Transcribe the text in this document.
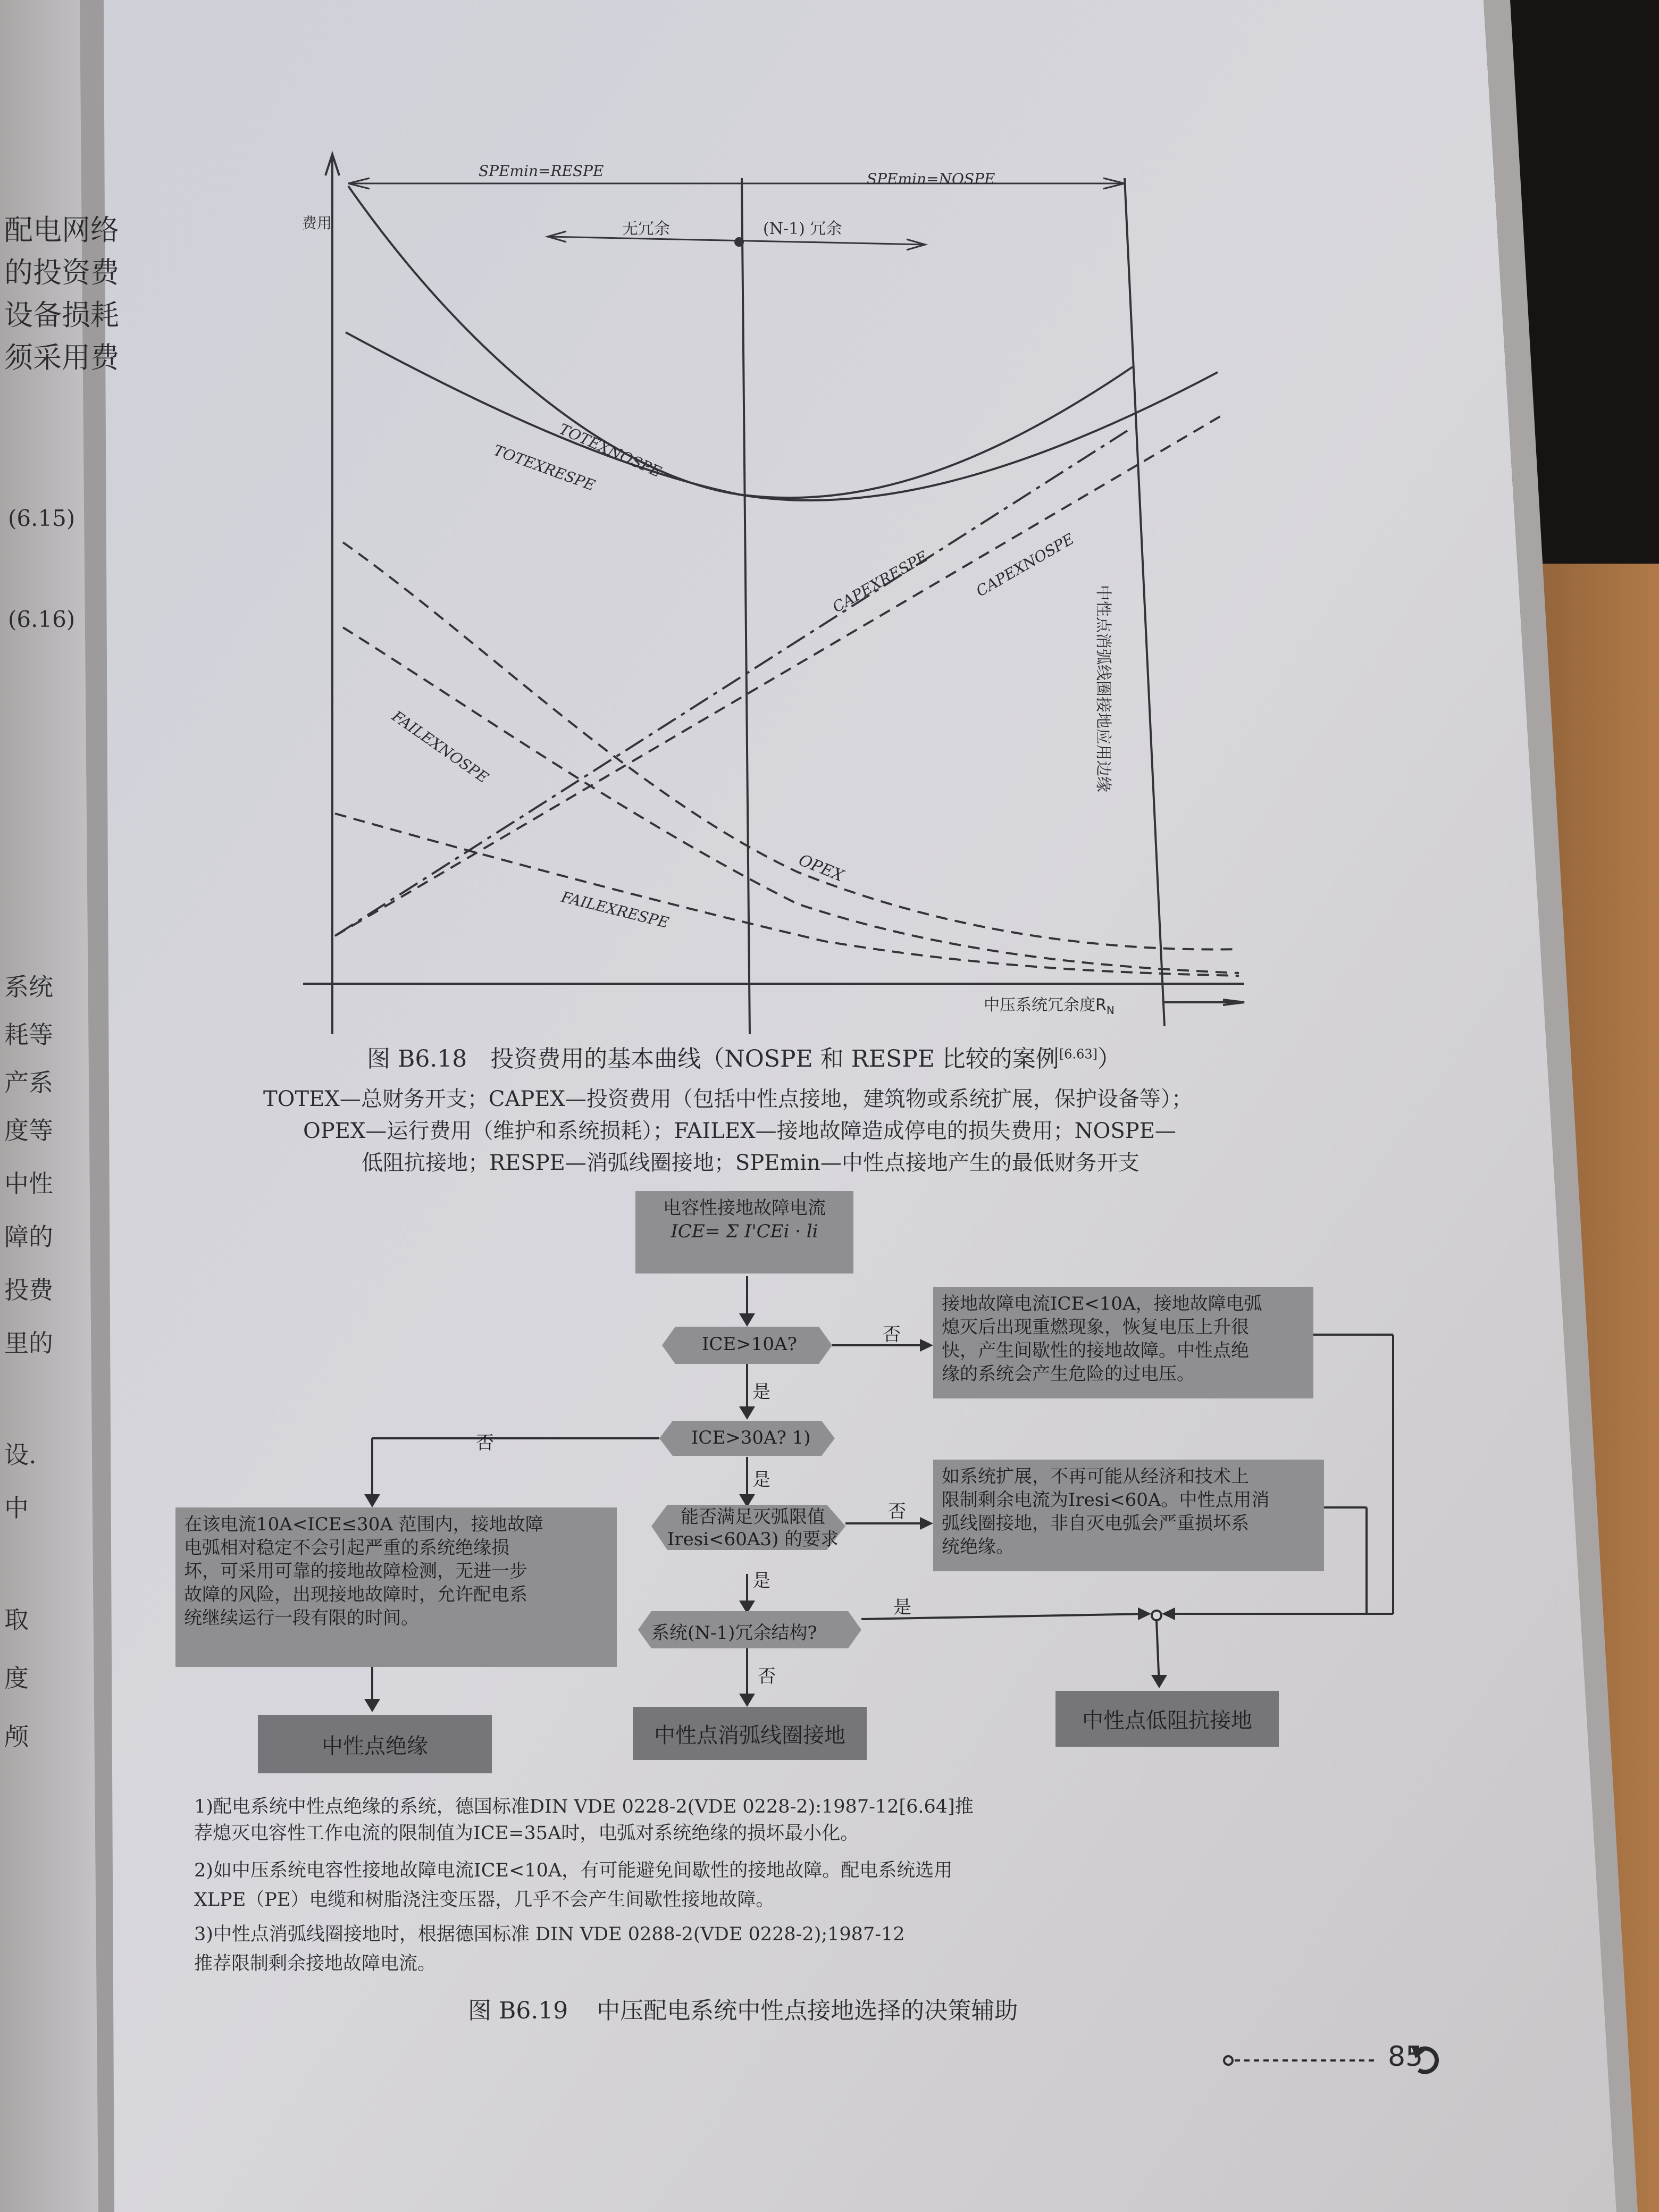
配电网络
的投资费
设备损耗
须采用费
(6.15)
(6.16)
系统
耗等
产系
度等
中性
障的
投费
里的
设.
中
取
度
颅
费用
SPEmin=RESPE	SPEmin=NOSPE
无冗余	(N-1) 冗余
TOTEXNOSPE
TOTEXRESPE
CAPEXRESPE	CAPEXNOSPE
FAILEXNOSPE
OPEX
FAILEXRESPE
中性点消弧线圈接地应用边缘
中压系统冗余度$R_N$
图 B6.18 投资费用的基本曲线（NOSPE 和 RESPE 比较的案例[6.63]）
TOTEX—总财务开支；CAPEX—投资费用（包括中性点接地，建筑物或系统扩展，保护设备等）；
OPEX—运行费用（维护和系统损耗）；FAILEX—接地故障造成停电的损失费用；NOSPE—
低阻抗接地；RESPE—消弧线圈接地；SPEmin—中性点接地产生的最低财务开支
电容性接地故障电流
ICE= Σ I'CEi · li
ICE>10A?
ICE>30A? 1)
能否满足灭弧限值
Iresi<60A3) 的要求
系统(N-1)冗余结构?
是
是
是
是
否
否
否
否
接地故障电流ICE<10A，接地故障电弧
熄灭后出现重燃现象，恢复电压上升很
快，产生间歇性的接地故障。中性点绝
缘的系统会产生危险的过电压。
如系统扩展，不再可能从经济和技术上
限制剩余电流为Iresi<60A。中性点用消
弧线圈接地，非自灭电弧会严重损坏系
统绝缘。
在该电流10A<ICE≤30A 范围内，接地故障
电弧相对稳定不会引起严重的系统绝缘损
坏，可采用可靠的接地故障检测，无进一步
故障的风险，出现接地故障时，允许配电系
统继续运行一段有限的时间。
中性点绝缘	中性点消弧线圈接地
中性点低阻抗接地
1)配电系统中性点绝缘的系统，德国标准DIN VDE 0228-2(VDE 0228-2):1987-12[6.64]推
荐熄灭电容性工作电流的限制值为ICE=35A时，电弧对系统绝缘的损坏最小化。
2)如中压系统电容性接地故障电流ICE<10A，有可能避免间歇性的接地故障。配电系统选用
XLPE（PE）电缆和树脂浇注变压器，几乎不会产生间歇性接地故障。
3)中性点消弧线圈接地时，根据德国标准 DIN VDE 0288-2(VDE 0228-2);1987-12
推荐限制剩余接地故障电流。
图 B6.19 中压配电系统中性点接地选择的决策辅助
85
